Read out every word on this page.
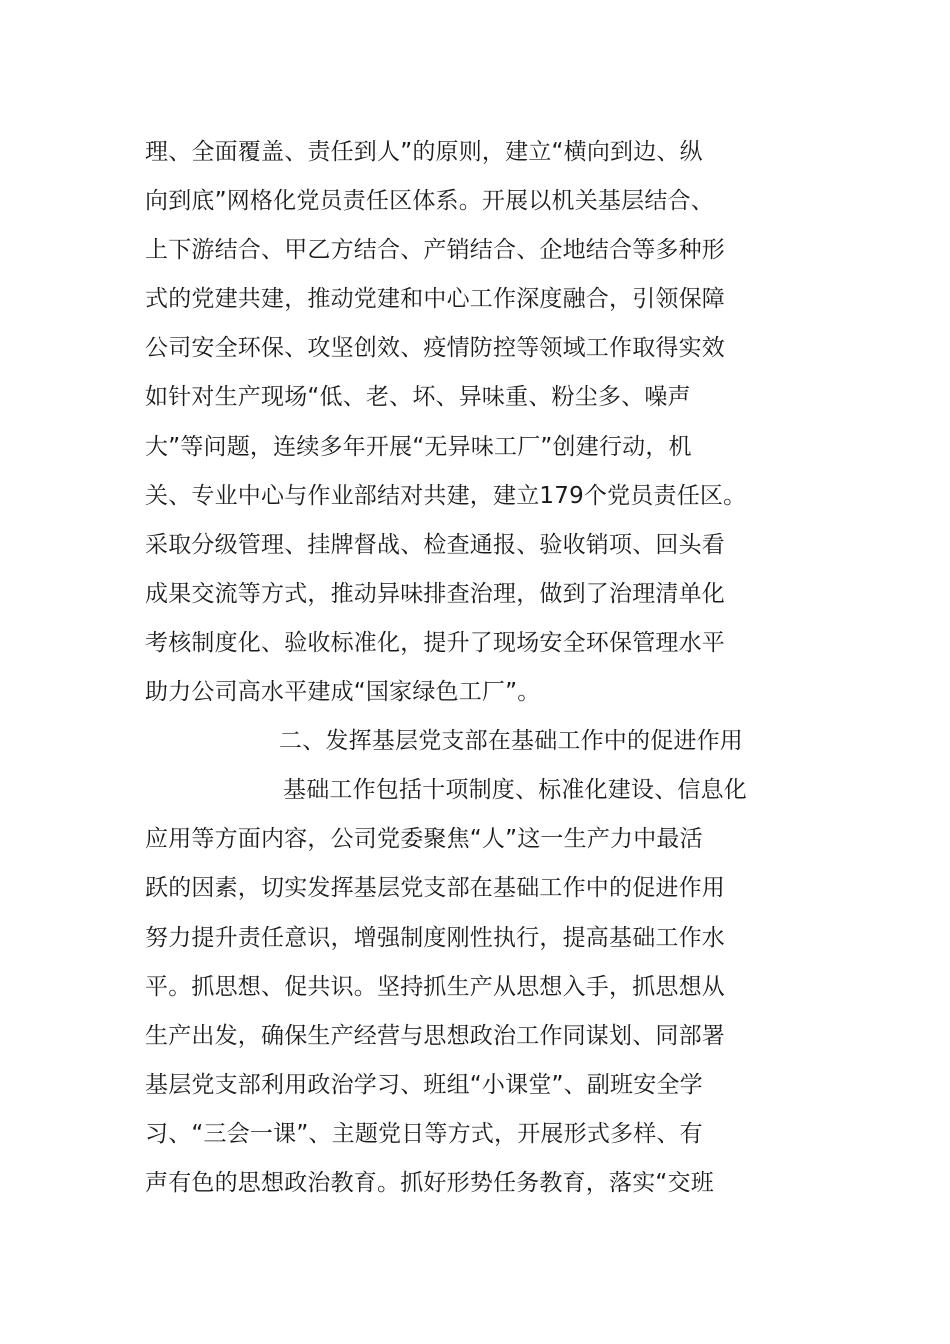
理、全面覆盖、责任到人”的原则，建立“横向到边、纵
向到底”网格化党员责任区体系。开展以机关基层结合、
上下游结合、甲乙方结合、产销结合、企地结合等多种形
式的党建共建，推动党建和中心工作深度融合，引领保障
公司安全环保、攻坚创效、疫情防控等领域工作取得实效
如针对生产现场“低、老、坏、异味重、粉尘多、噪声
大”等问题，连续多年开展“无异味工厂”创建行动，机
关、专业中心与作业部结对共建，建立179个党员责任区。
采取分级管理、挂牌督战、检查通报、验收销项、回头看
成果交流等方式，推动异味排查治理，做到了治理清单化
考核制度化、验收标准化，提升了现场安全环保管理水平
助力公司高水平建成“国家绿色工厂”。
二、发挥基层党支部在基础工作中的促进作用
基础工作包括十项制度、标准化建设、信息化
应用等方面内容，公司党委聚焦“人”这一生产力中最活
跃的因素，切实发挥基层党支部在基础工作中的促进作用
努力提升责任意识，增强制度刚性执行，提高基础工作水
平。抓思想、促共识。坚持抓生产从思想入手，抓思想从
生产出发，确保生产经营与思想政治工作同谋划、同部署
基层党支部利用政治学习、班组“小课堂”、副班安全学
习、“三会一课”、主题党日等方式，开展形式多样、有
声有色的思想政治教育。抓好形势任务教育，落实“交班
